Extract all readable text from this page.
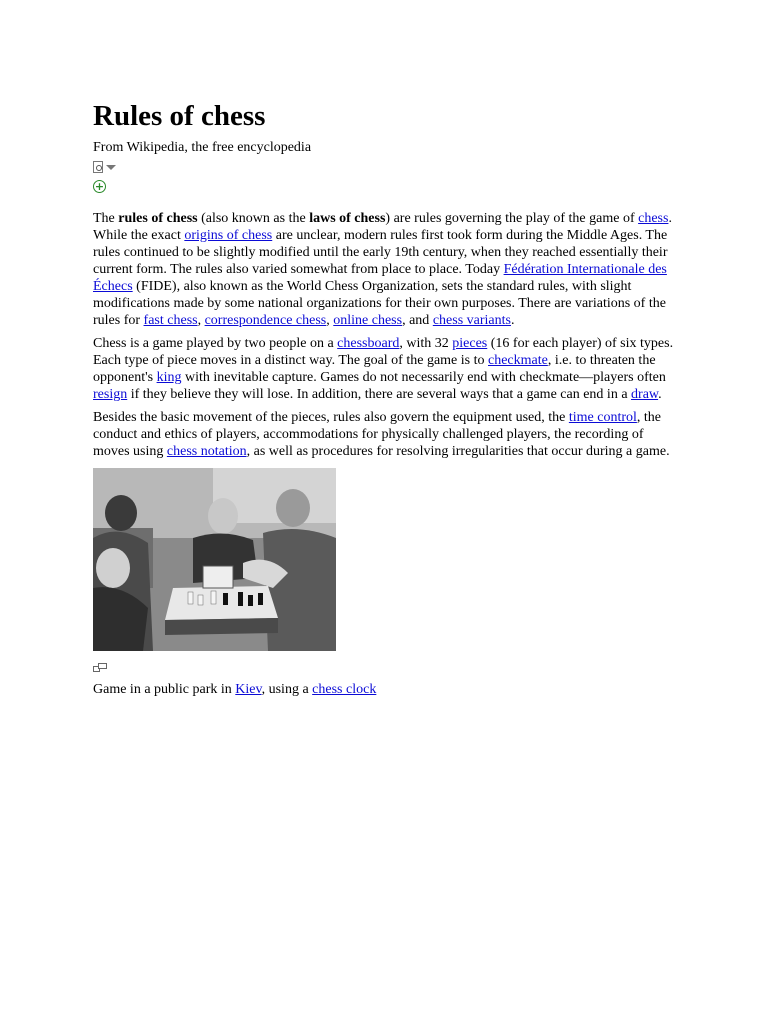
Rules of chess
From Wikipedia, the free encyclopedia
+

The rules of chess (also known as the laws of chess) are rules governing the play of the game of chess. While the exact origins of chess are unclear, modern rules first took form during the Middle Ages. The rules continued to be slightly modified until the early 19th century, when they reached essentially their current form. The rules also varied somewhat from place to place. Today Fédération Internationale des Échecs (FIDE), also known as the World Chess Organization, sets the standard rules, with slight modifications made by some national organizations for their own purposes. There are variations of the rules for fast chess, correspondence chess, online chess, and chess variants.

Chess is a game played by two people on a chessboard, with 32 pieces (16 for each player) of six types. Each type of piece moves in a distinct way. The goal of the game is to checkmate, i.e. to threaten the opponent's king with inevitable capture. Games do not necessarily end with checkmate—players often resign if they believe they will lose. In addition, there are several ways that a game can end in a draw.

Besides the basic movement of the pieces, rules also govern the equipment used, the time control, the conduct and ethics of players, accommodations for physically challenged players, the recording of moves using chess notation, as well as procedures for resolving irregularities that occur during a game.

Game in a public park in Kiev, using a chess clock
